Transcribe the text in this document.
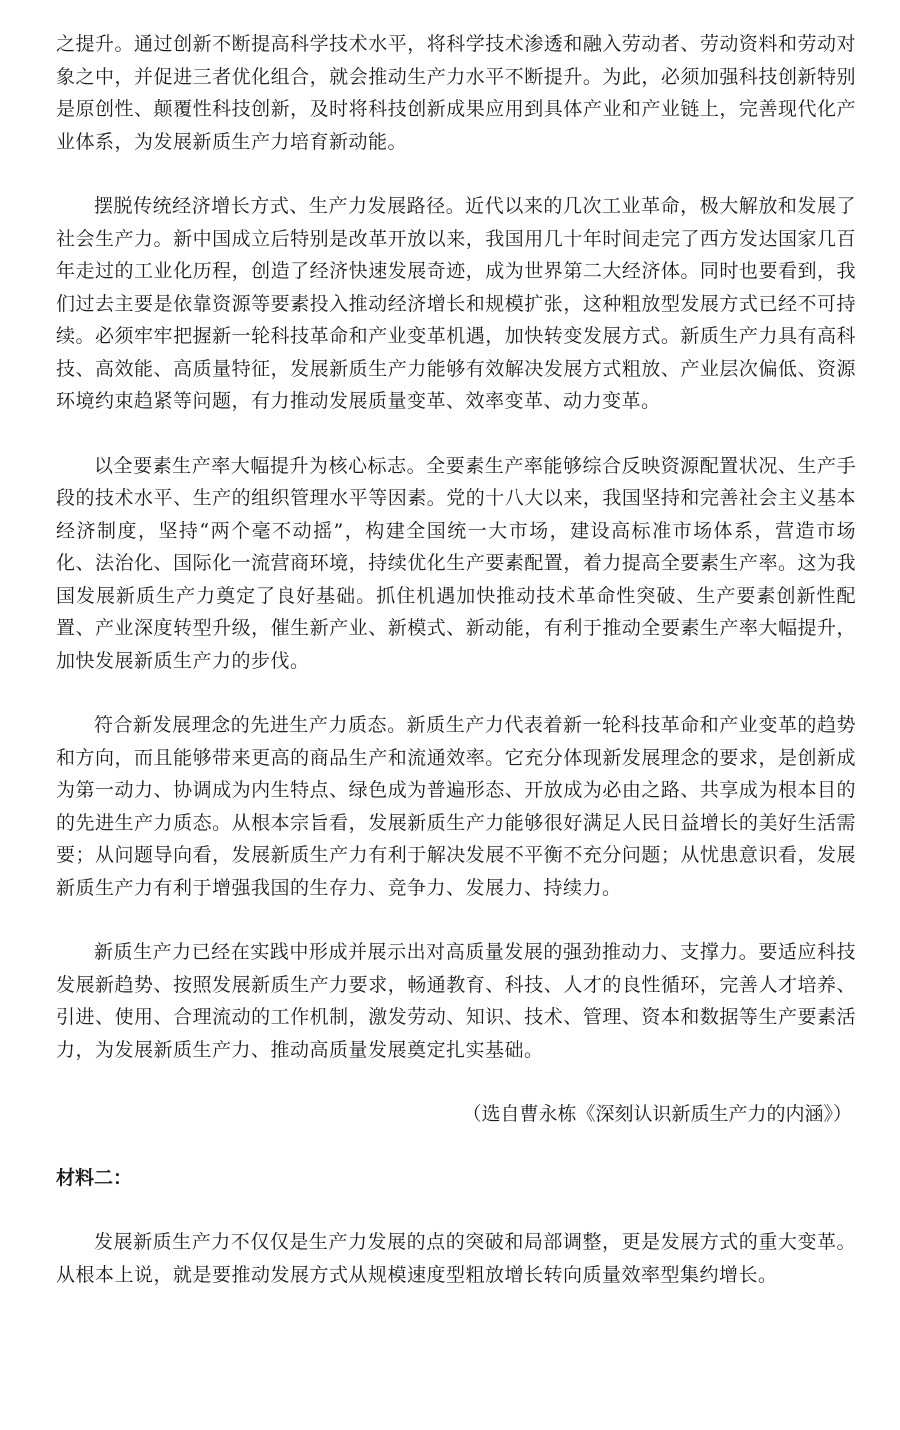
之提升。通过创新不断提高科学技术水平，将科学技术渗透和融入劳动者、劳动资料和劳动对象之中，并促进三者优化组合，就会推动生产力水平不断提升。为此，必须加强科技创新特别是原创性、颠覆性科技创新，及时将科技创新成果应用到具体产业和产业链上，完善现代化产业体系，为发展新质生产力培育新动能。

摆脱传统经济增长方式、生产力发展路径。近代以来的几次工业革命，极大解放和发展了社会生产力。新中国成立后特别是改革开放以来，我国用几十年时间走完了西方发达国家几百年走过的工业化历程，创造了经济快速发展奇迹，成为世界第二大经济体。同时也要看到，我们过去主要是依靠资源等要素投入推动经济增长和规模扩张，这种粗放型发展方式已经不可持续。必须牢牢把握新一轮科技革命和产业变革机遇，加快转变发展方式。新质生产力具有高科技、高效能、高质量特征，发展新质生产力能够有效解决发展方式粗放、产业层次偏低、资源环境约束趋紧等问题，有力推动发展质量变革、效率变革、动力变革。

以全要素生产率大幅提升为核心标志。全要素生产率能够综合反映资源配置状况、生产手段的技术水平、生产的组织管理水平等因素。党的十八大以来，我国坚持和完善社会主义基本经济制度，坚持“两个毫不动摇”，构建全国统一大市场，建设高标准市场体系，营造市场化、法治化、国际化一流营商环境，持续优化生产要素配置，着力提高全要素生产率。这为我国发展新质生产力奠定了良好基础。抓住机遇加快推动技术革命性突破、生产要素创新性配置、产业深度转型升级，催生新产业、新模式、新动能，有利于推动全要素生产率大幅提升，加快发展新质生产力的步伐。

符合新发展理念的先进生产力质态。新质生产力代表着新一轮科技革命和产业变革的趋势和方向，而且能够带来更高的商品生产和流通效率。它充分体现新发展理念的要求，是创新成为第一动力、协调成为内生特点、绿色成为普遍形态、开放成为必由之路、共享成为根本目的的先进生产力质态。从根本宗旨看，发展新质生产力能够很好满足人民日益增长的美好生活需要；从问题导向看，发展新质生产力有利于解决发展不平衡不充分问题；从忧患意识看，发展新质生产力有利于增强我国的生存力、竞争力、发展力、持续力。

新质生产力已经在实践中形成并展示出对高质量发展的强劲推动力、支撑力。要适应科技发展新趋势、按照发展新质生产力要求，畅通教育、科技、人才的良性循环，完善人才培养、引进、使用、合理流动的工作机制，激发劳动、知识、技术、管理、资本和数据等生产要素活力，为发展新质生产力、推动高质量发展奠定扎实基础。

（选自曹永栋《深刻认识新质生产力的内涵》）

材料二：

发展新质生产力不仅仅是生产力发展的点的突破和局部调整，更是发展方式的重大变革。从根本上说，就是要推动发展方式从规模速度型粗放增长转向质量效率型集约增长。
